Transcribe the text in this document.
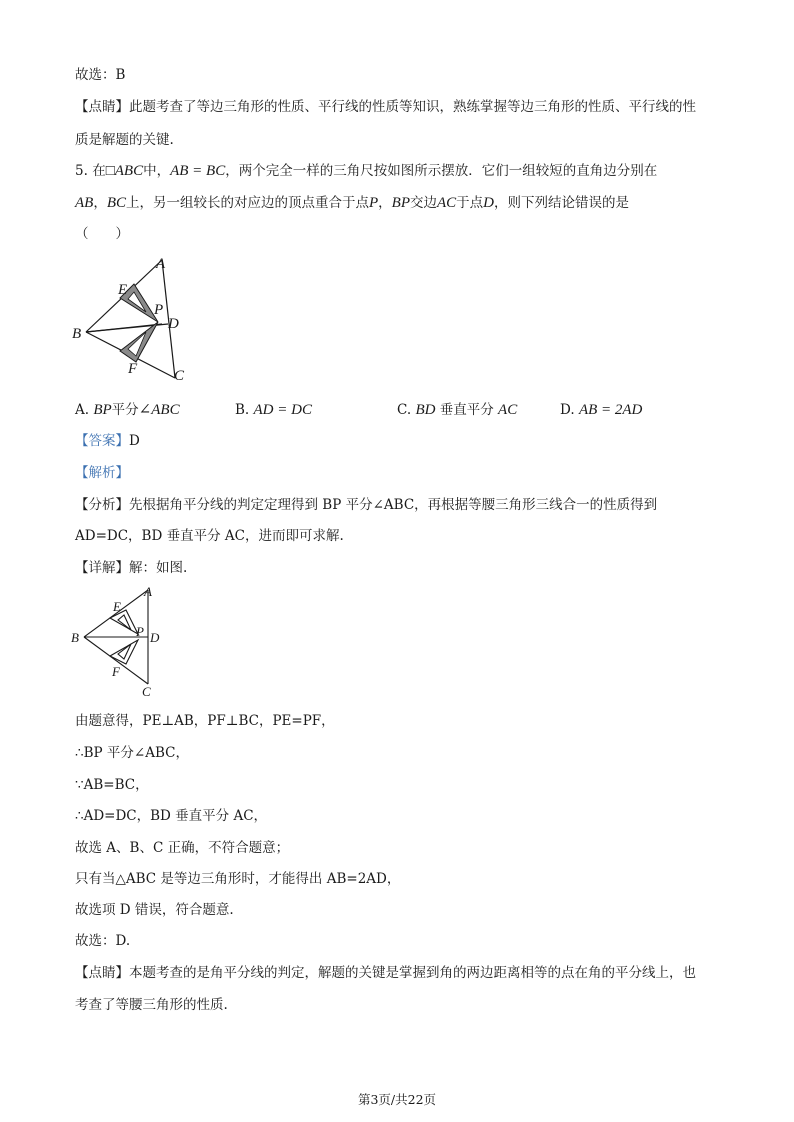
故选：B
【点睛】此题考查了等边三角形的性质、平行线的性质等知识，熟练掌握等边三角形的性质、平行线的性
质是解题的关键.
5. 在□ABC中，AB = BC，两个完全一样的三角尺按如图所示摆放．它们一组较短的直角边分别在
AB，BC上，另一组较长的对应边的顶点重合于点P，BP交边AC于点D，则下列结论错误的是
（　　）
A
B
C
D
E
F
P
A. BP平分∠ABC	B. AD = DC	C. BD 垂直平分 AC	D. AB = 2AD
【答案】D
【解析】
【分析】先根据角平分线的判定定理得到 BP 平分∠ABC，再根据等腰三角形三线合一的性质得到
AD=DC，BD 垂直平分 AC，进而即可求解.
【详解】解：如图.
A
B
C
D
E
F
P
由题意得，PE⊥AB，PF⊥BC，PE=PF，
∴BP 平分∠ABC，
∵AB=BC，
∴AD=DC，BD 垂直平分 AC，
故选 A、B、C 正确，不符合题意；
只有当△ABC 是等边三角形时，才能得出 AB=2AD，
故选项 D 错误，符合题意.
故选：D.
【点睛】本题考查的是角平分线的判定，解题的关键是掌握到角的两边距离相等的点在角的平分线上，也
考查了等腰三角形的性质.
第3页/共22页
